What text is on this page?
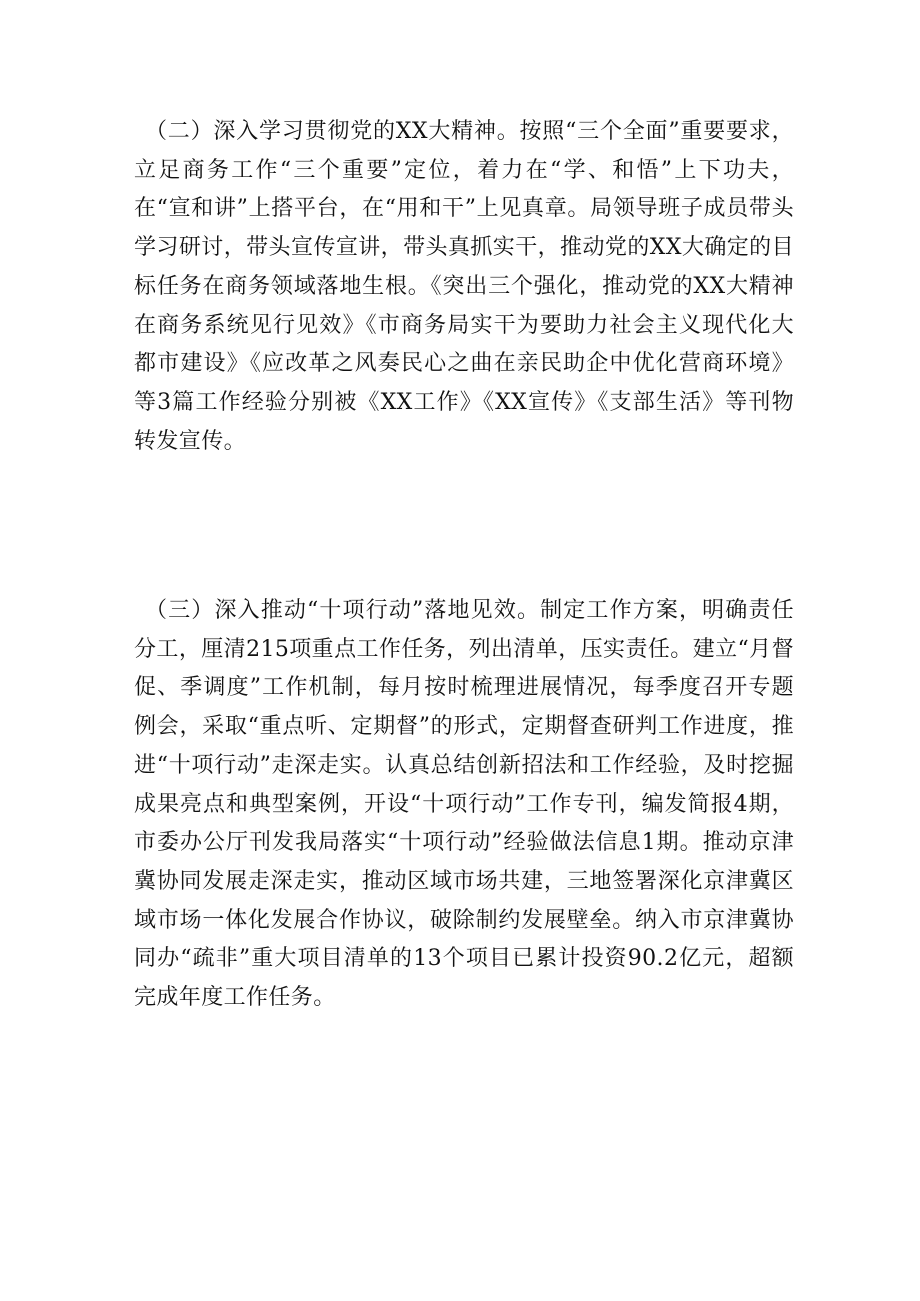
（二）深入学习贯彻党的XX大精神。按照“三个全面”重要要求，立足商务工作“三个重要”定位，着力在“学、和悟”上下功夫，在“宣和讲”上搭平台，在“用和干”上见真章。局领导班子成员带头学习研讨，带头宣传宣讲，带头真抓实干，推动党的XX大确定的目标任务在商务领域落地生根。《突出三个强化，推动党的XX大精神在商务系统见行见效》《市商务局实干为要助力社会主义现代化大都市建设》《应改革之风奏民心之曲在亲民助企中优化营商环境》等3篇工作经验分别被《XX工作》《XX宣传》《支部生活》等刊物转发宣传。

（三）深入推动“十项行动”落地见效。制定工作方案，明确责任分工，厘清215项重点工作任务，列出清单，压实责任。建立“月督促、季调度”工作机制，每月按时梳理进展情况，每季度召开专题例会，采取“重点听、定期督”的形式，定期督查研判工作进度，推进“十项行动”走深走实。认真总结创新招法和工作经验，及时挖掘成果亮点和典型案例，开设“十项行动”工作专刊，编发简报4期，市委办公厅刊发我局落实“十项行动”经验做法信息1期。推动京津冀协同发展走深走实，推动区域市场共建，三地签署深化京津冀区域市场一体化发展合作协议，破除制约发展壁垒。纳入市京津冀协同办“疏非”重大项目清单的13个项目已累计投资90.2亿元，超额完成年度工作任务。
